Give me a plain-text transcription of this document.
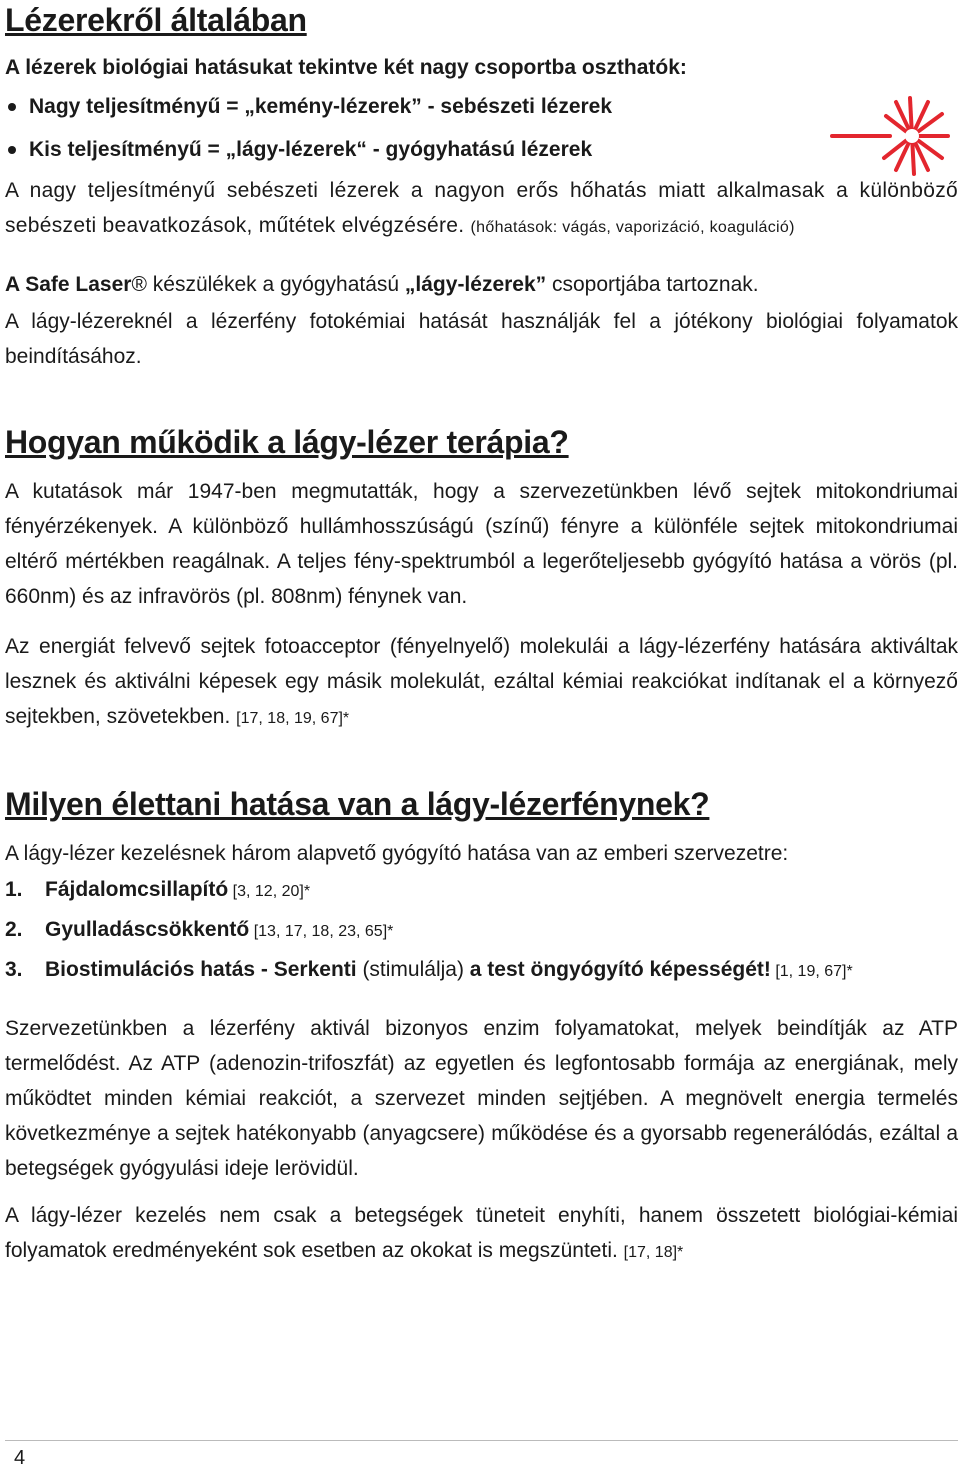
Lézerekről általában

A lézerek biológiai hatásukat tekintve két nagy csoportba oszthatók:

Nagy teljesítményű = „kemény-lézerek” - sebészeti lézerek
Kis teljesítményű = „lágy-lézerek“ - gyógyhatású lézerek

A nagy teljesítményű sebészeti lézerek a nagyon erős hőhatás miatt alkalmasak a különböző sebészeti beavatkozások, műtétek elvégzésére. (hőhatások: vágás, vaporizáció, koaguláció)

A Safe Laser® készülékek a gyógyhatású „lágy-lézerek” csoportjába tartoznak.

A lágy-lézereknél a lézerfény fotokémiai hatását használják fel a jótékony biológiai folyamatok beindításához.

Hogyan működik a lágy-lézer terápia?

A kutatások már 1947-ben megmutatták, hogy a szervezetünkben lévő sejtek mitokondriumai fényérzékenyek. A különböző hullámhosszúságú (színű) fényre a különféle sejtek mitokondriumai eltérő mértékben reagálnak. A teljes fény-spektrumból a legerőteljesebb gyógyító hatása a vörös (pl. 660nm) és az infravörös (pl. 808nm) fénynek van.

Az energiát felvevő sejtek fotoacceptor (fényelnyelő) molekulái a lágy-lézerfény hatására aktiváltak lesznek és aktiválni képesek egy másik molekulát, ezáltal kémiai reakciókat indítanak el a környező sejtekben, szövetekben. [17, 18, 19, 67]*

Milyen élettani hatása van a lágy-lézerfénynek?

A lágy-lézer kezelésnek három alapvető gyógyító hatása van az emberi szervezetre:

1. Fájdalomcsillapító [3, 12, 20]*
2. Gyulladáscsökkentő [13, 17, 18, 23, 65]*
3. Biostimulációs hatás - Serkenti (stimulálja) a test öngyógyító képességét! [1, 19, 67]*

Szervezetünkben a lézerfény aktivál bizonyos enzim folyamatokat, melyek beindítják az ATP termelődést. Az ATP (adenozin-trifoszfát) az egyetlen és legfontosabb formája az energiának, mely működtet minden kémiai reakciót, a szervezet minden sejtjében. A megnövelt energia termelés következménye a sejtek hatékonyabb (anyagcsere) működése és a gyorsabb regenerálódás, ezáltal a betegségek gyógyulási ideje lerövidül.

A lágy-lézer kezelés nem csak a betegségek tüneteit enyhíti, hanem összetett biológiai-kémiai folyamatok eredményeként sok esetben az okokat is megszünteti. [17, 18]*

4
